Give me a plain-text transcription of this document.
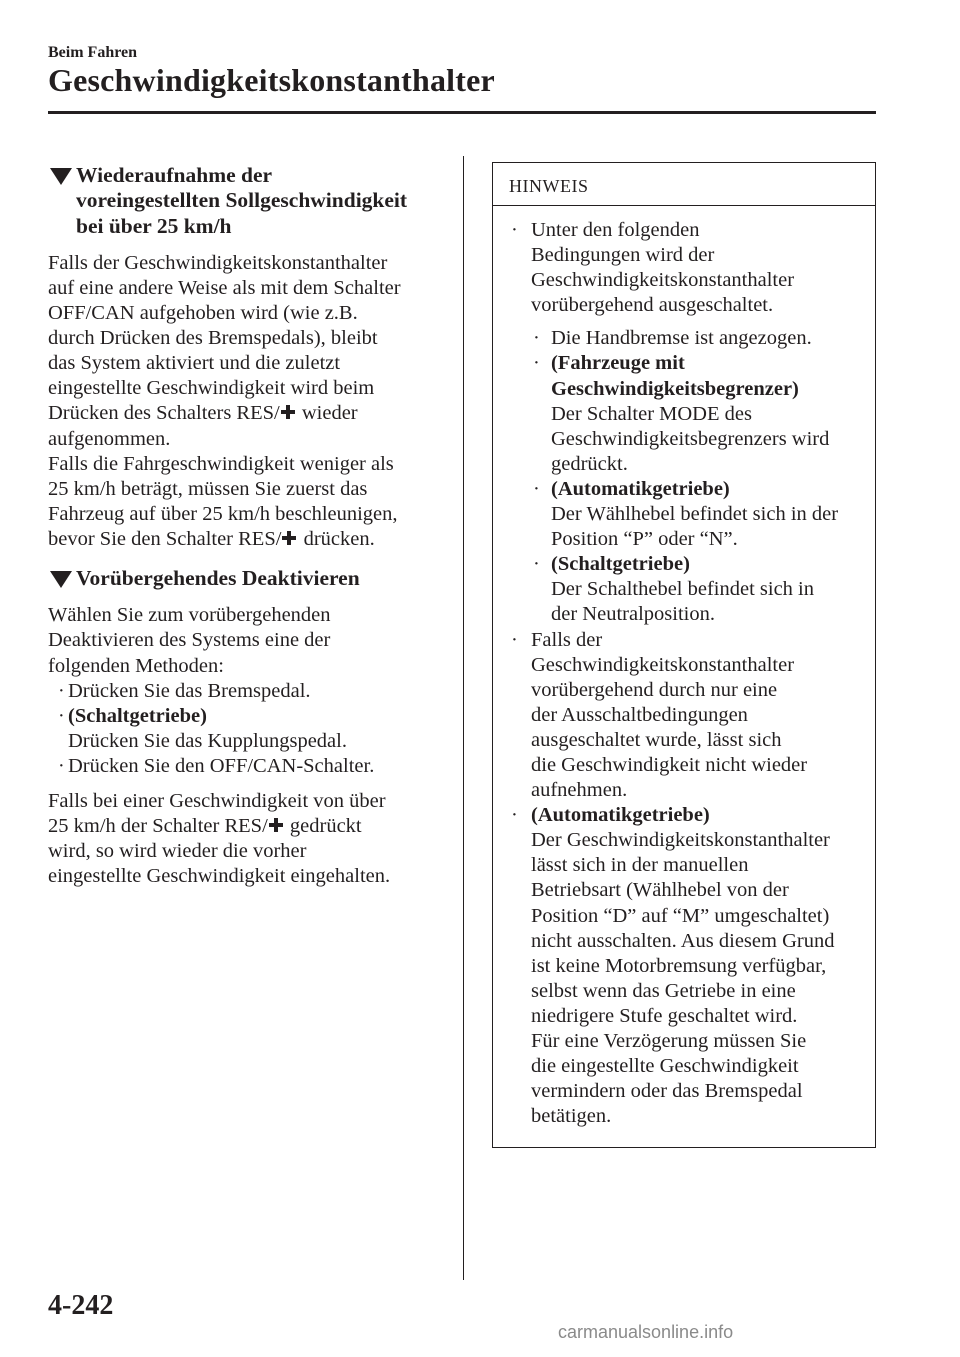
Beim Fahren
Geschwindigkeitskonstanthalter
Wiederaufnahme der
voreingestellten Sollgeschwindigkeit
bei über 25 km/h
Falls der Geschwindigkeitskonstanthalter
auf eine andere Weise als mit dem Schalter
OFF/CAN aufgehoben wird (wie z.B.
durch Drücken des Bremspedals), bleibt
das System aktiviert und die zuletzt
eingestellte Geschwindigkeit wird beim
Drücken des Schalters RES/ wieder
aufgenommen.
Falls die Fahrgeschwindigkeit weniger als
25 km/h beträgt, müssen Sie zuerst das
Fahrzeug auf über 25 km/h beschleunigen,
bevor Sie den Schalter RES/ drücken.
Vorübergehendes Deaktivieren
Wählen Sie zum vorübergehenden
Deaktivieren des Systems eine der
folgenden Methoden:
· Drücken Sie das Bremspedal.
· (Schaltgetriebe)
Drücken Sie das Kupplungspedal.
· Drücken Sie den OFF/CAN-Schalter.
Falls bei einer Geschwindigkeit von über
25 km/h der Schalter RES/ gedrückt
wird, so wird wieder die vorher
eingestellte Geschwindigkeit eingehalten.
HINWEIS
· Unter den folgenden
Bedingungen wird der
Geschwindigkeitskonstanthalter
vorübergehend ausgeschaltet.
· Die Handbremse ist angezogen.
· (Fahrzeuge mit
Geschwindigkeitsbegrenzer)
Der Schalter MODE des
Geschwindigkeitsbegrenzers wird
gedrückt.
· (Automatikgetriebe)
Der Wählhebel befindet sich in der
Position “P” oder “N”.
· (Schaltgetriebe)
Der Schalthebel befindet sich in
der Neutralposition.
· Falls der
Geschwindigkeitskonstanthalter
vorübergehend durch nur eine
der Ausschaltbedingungen
ausgeschaltet wurde, lässt sich
die Geschwindigkeit nicht wieder
aufnehmen.
· (Automatikgetriebe)
Der Geschwindigkeitskonstanthalter
lässt sich in der manuellen
Betriebsart (Wählhebel von der
Position “D” auf “M” umgeschaltet)
nicht ausschalten. Aus diesem Grund
ist keine Motorbremsung verfügbar,
selbst wenn das Getriebe in eine
niedrigere Stufe geschaltet wird.
Für eine Verzögerung müssen Sie
die eingestellte Geschwindigkeit
vermindern oder das Bremspedal
betätigen.
4-242
carmanualsonline.info
